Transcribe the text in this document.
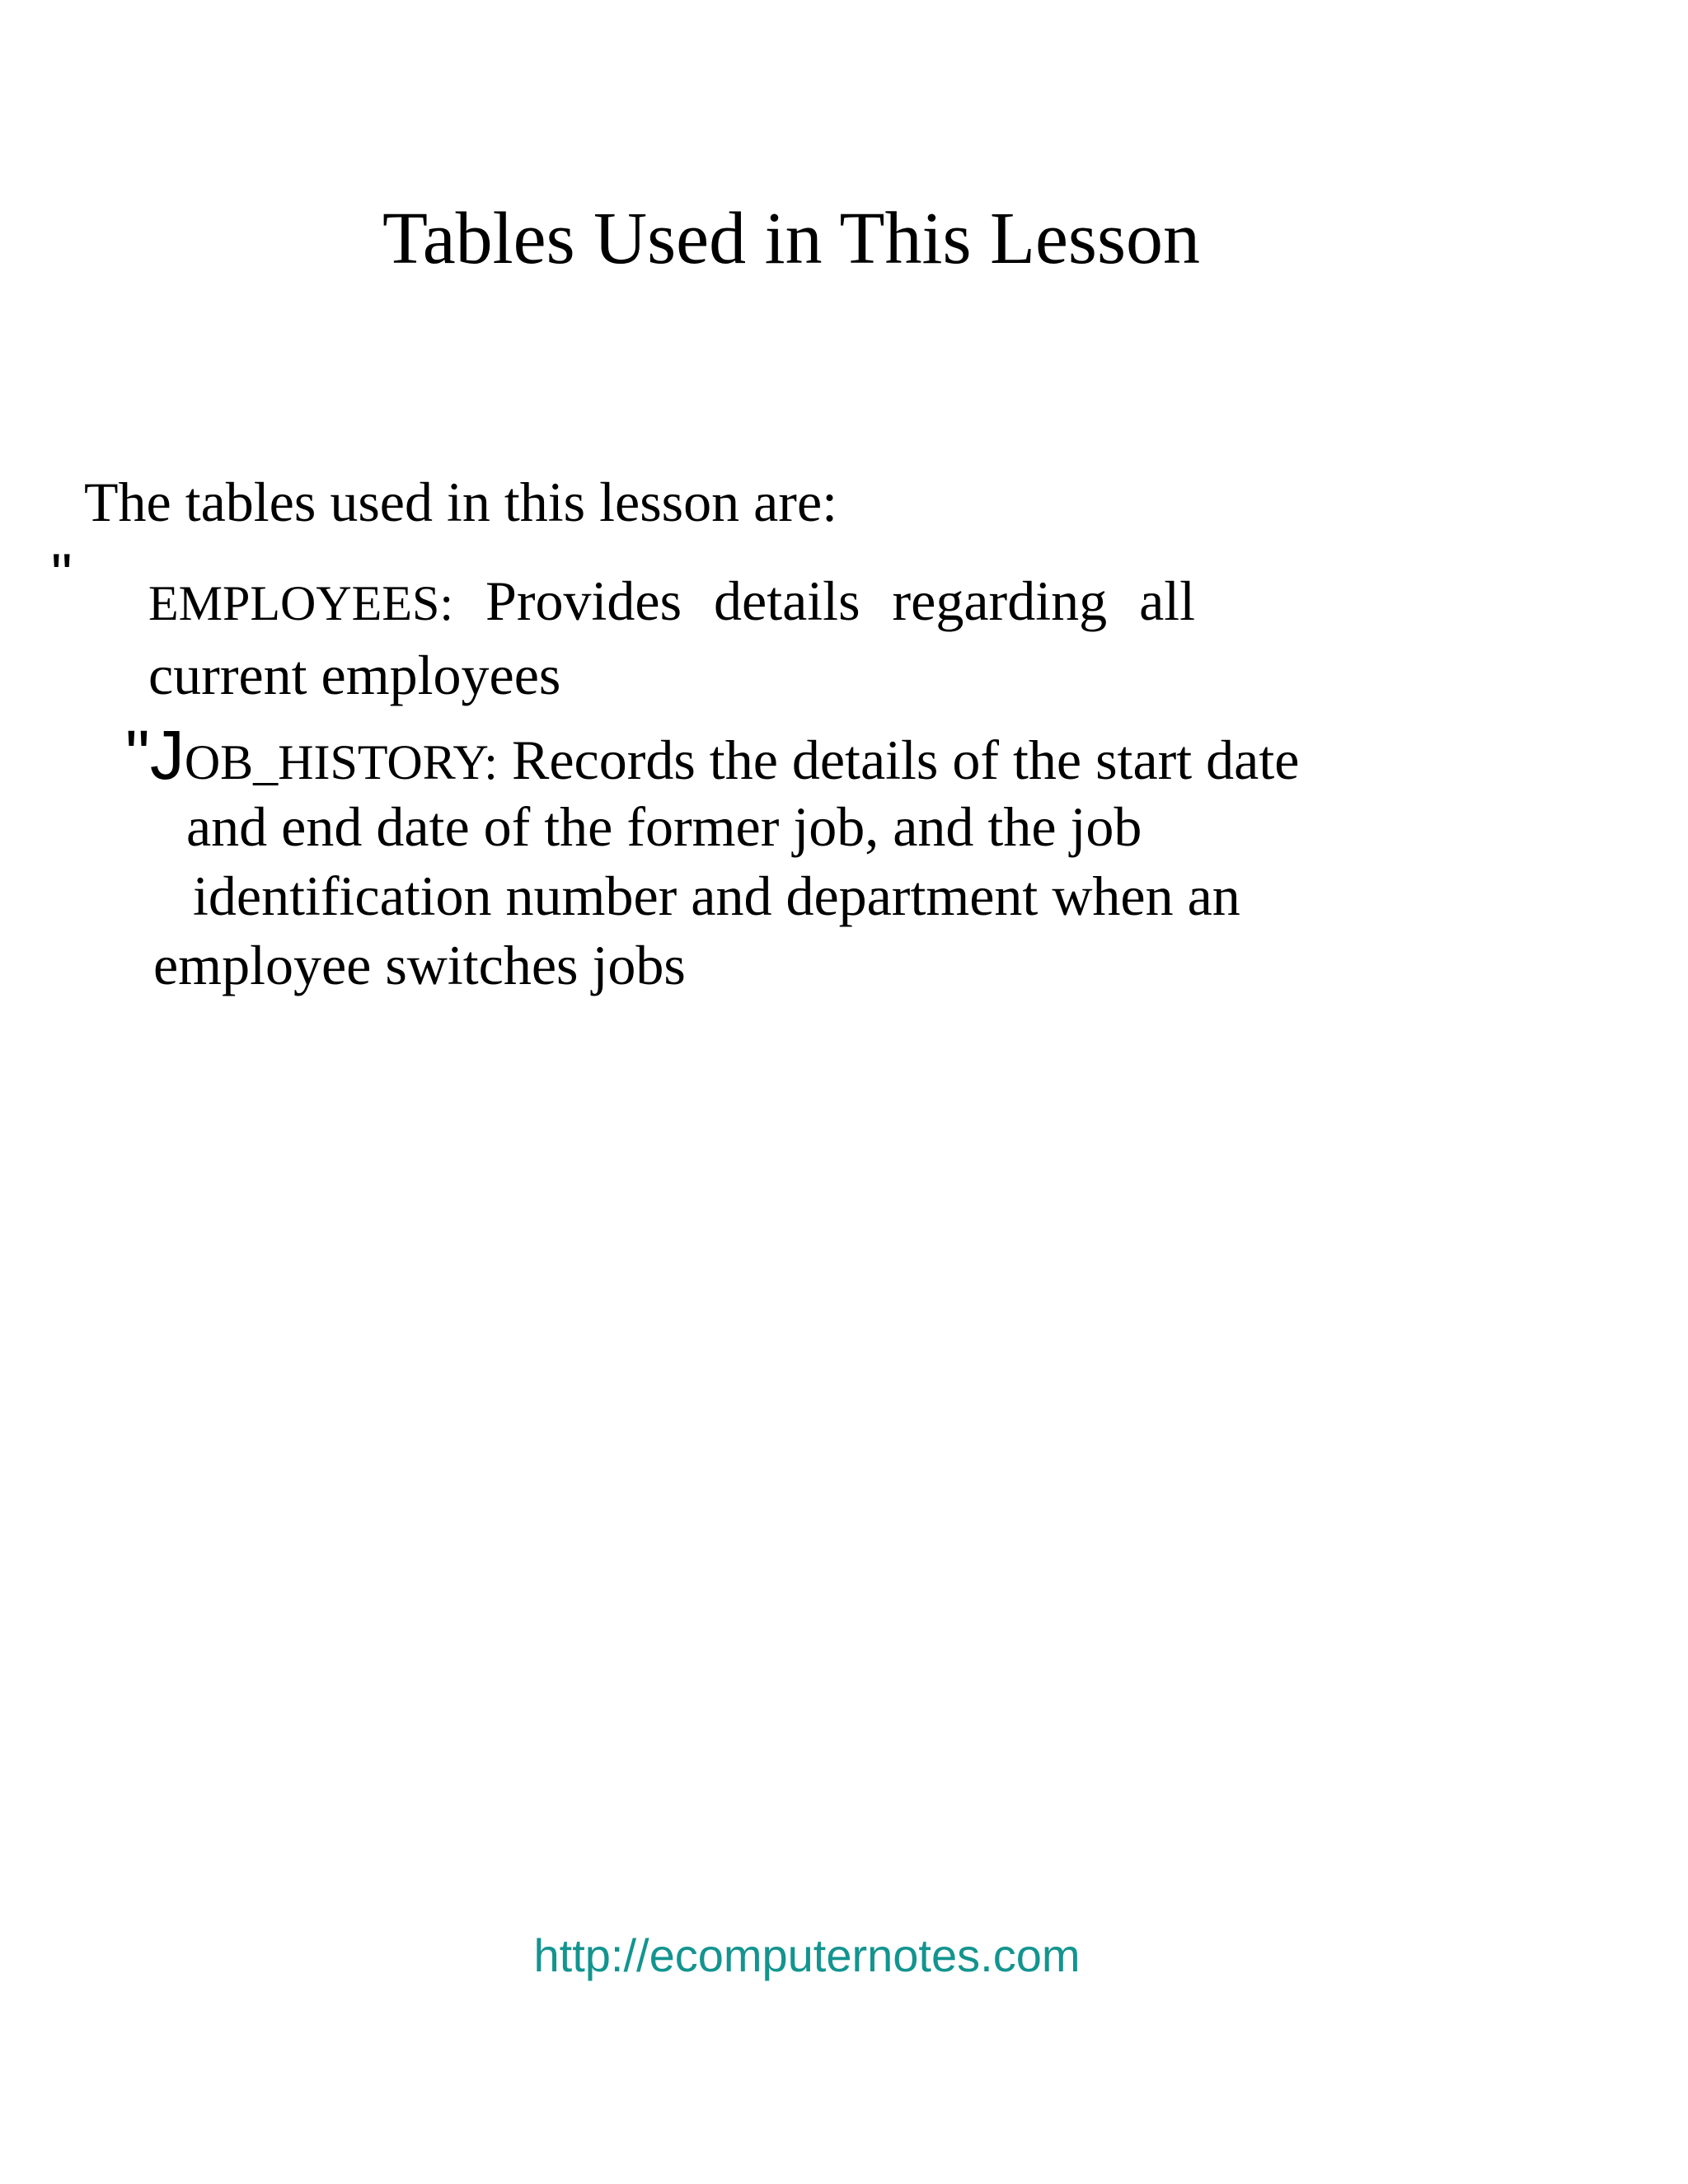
Tables Used in This Lesson
The tables used in this lesson are:
" EMPLOYEES: Provides details regarding all
current employees
"JOB_HISTORY: Records the details of the start date
and end date of the former job, and the job
identification number and department when an
employee switches jobs
http://ecomputernotes.com
